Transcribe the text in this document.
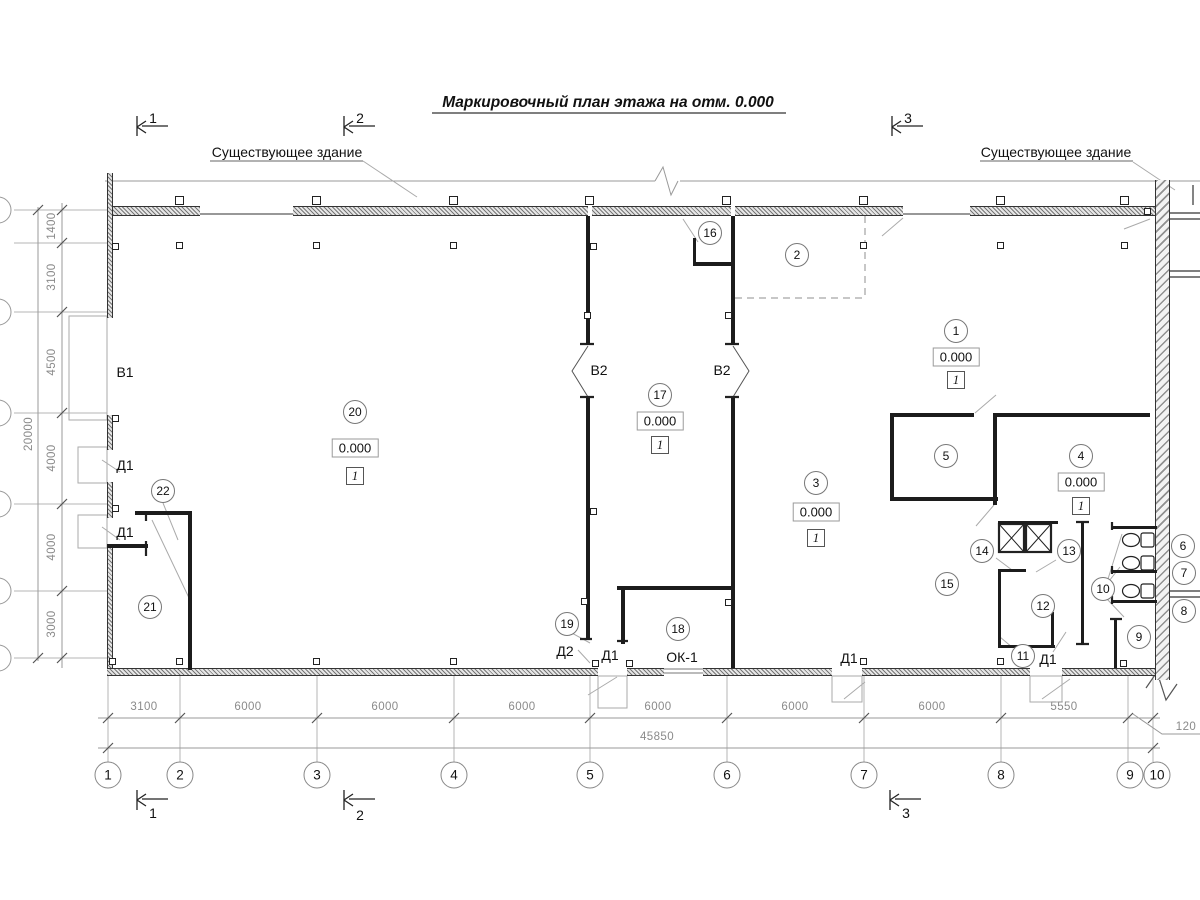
Маркировочный план этажа на отм. 0.000
Существующее здание	Существующее здание
1	2	3
1	2	3
1
2
3
4
5
6
7
8
9
10
11
12
13
14
15
16
17
18
19
20
21
22
0.000
1
0.000
1
0.000
1
0.000
1
0.000
1
В1
Д1
Д1
В2	В2
Д2 Д1	ОК-1	Д1	Д1
3100	6000	6000	6000	6000	6000	6000	5550
45850
120
1400
3100
4500
4000
4000
3000
20000
1	2	3	4	5	6	7	8	9 10
